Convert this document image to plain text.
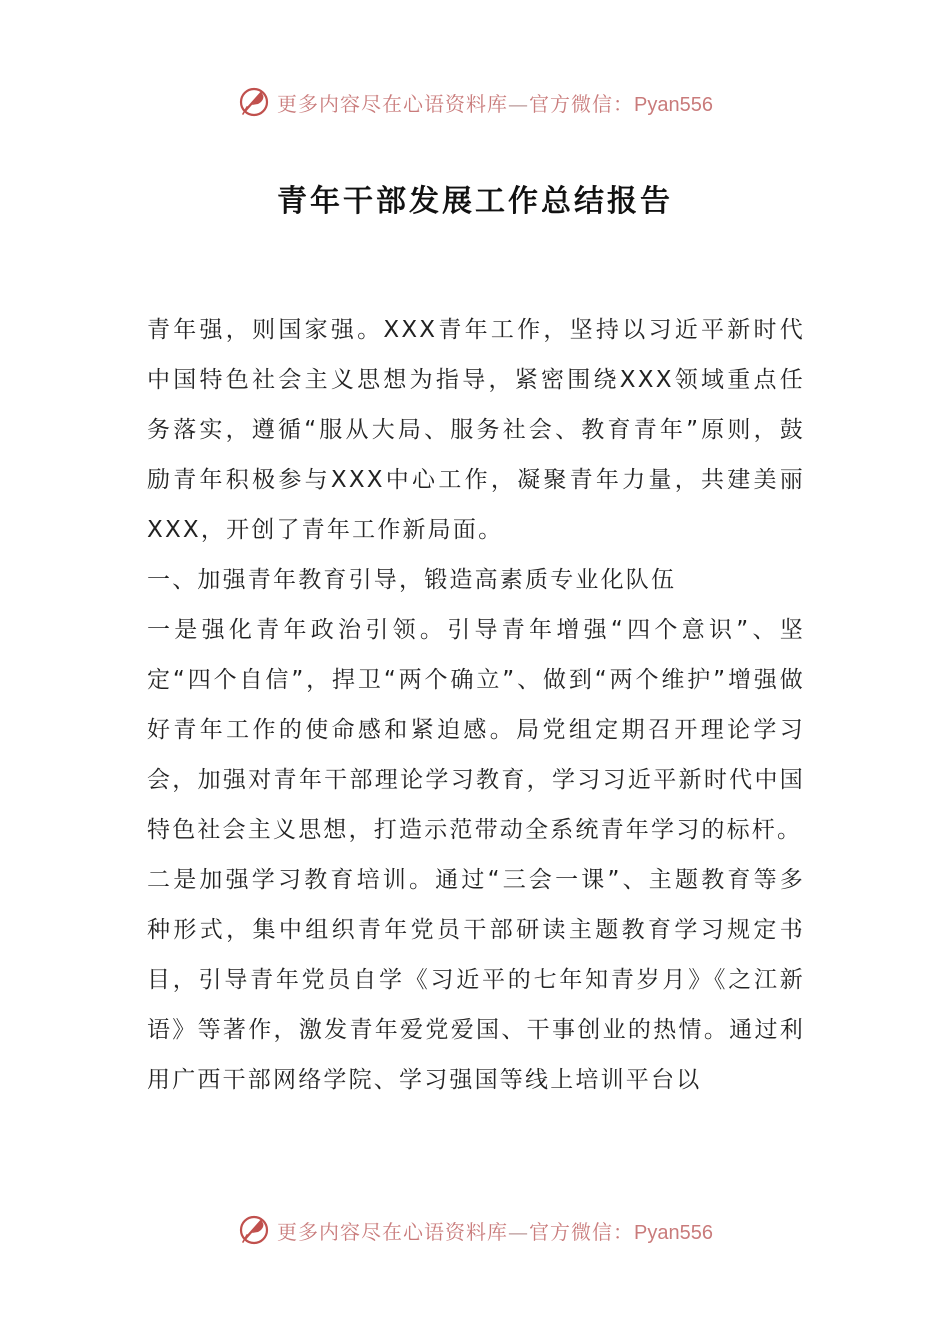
更多内容尽在心语资料库—官方微信：Pyan556
青年干部发展工作总结报告

青年强，则国家强。XXX青年工作，坚持以习近平新时代中国特色社会主义思想为指导，紧密围绕XXX领域重点任务落实，遵循“服从大局、服务社会、教育青年”原则，鼓励青年积极参与XXX中心工作，凝聚青年力量，共建美丽XXX，开创了青年工作新局面。

一、加强青年教育引导，锻造高素质专业化队伍

一是强化青年政治引领。引导青年增强“四个意识”、坚定“四个自信”，捍卫“两个确立”、做到“两个维护”增强做好青年工作的使命感和紧迫感。局党组定期召开理论学习会，加强对青年干部理论学习教育，学习习近平新时代中国特色社会主义思想，打造示范带动全系统青年学习的标杆。

二是加强学习教育培训。通过“三会一课”、主题教育等多种形式，集中组织青年党员干部研读主题教育学习规定书目，引导青年党员自学《习近平的七年知青岁月》《之江新语》等著作，激发青年爱党爱国、干事创业的热情。通过利用广西干部网络学院、学习强国等线上培训平台以

更多内容尽在心语资料库—官方微信：Pyan556
